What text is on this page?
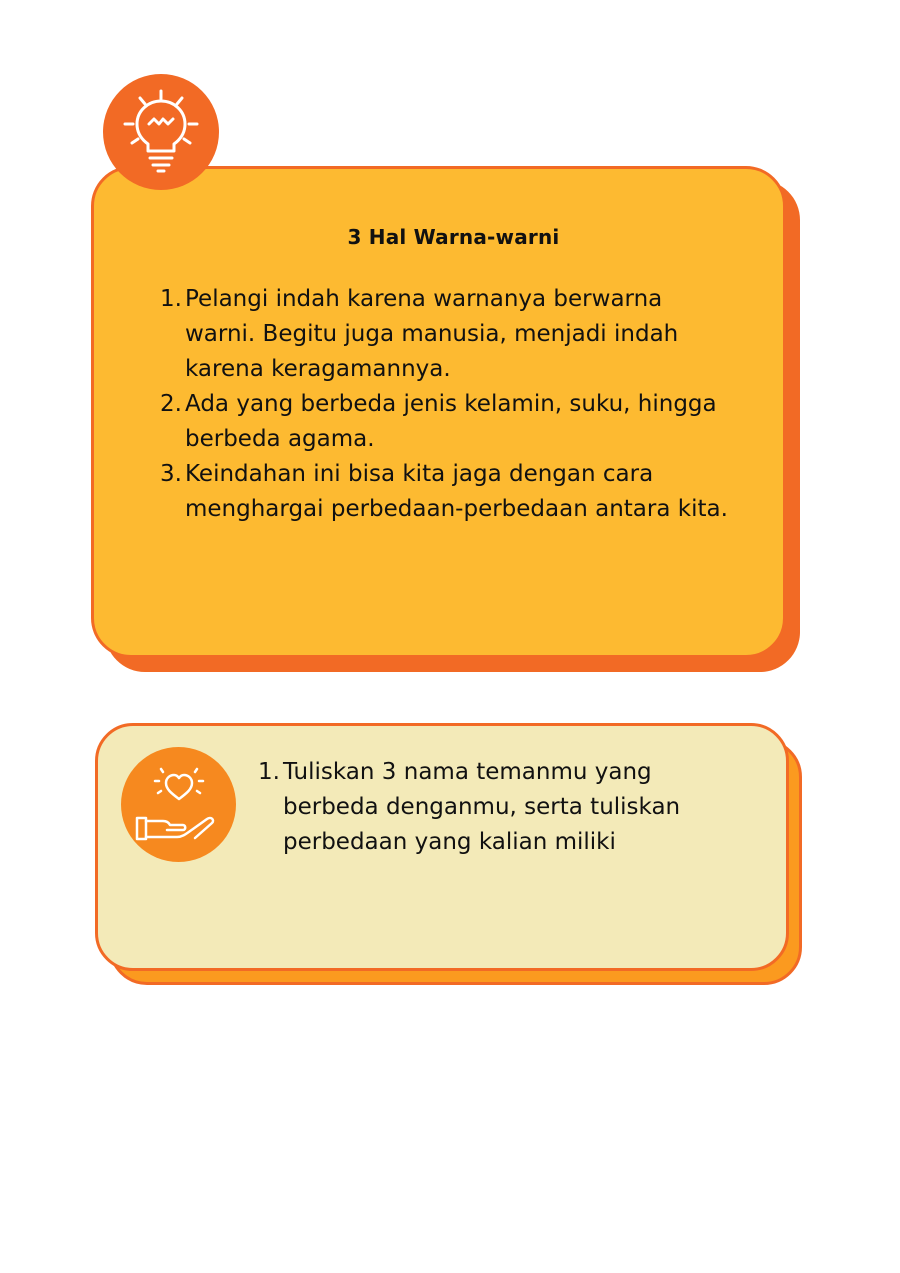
3 Hal Warna-warni
1. Pelangi indah karena warnanya berwarna warni. Begitu juga manusia, menjadi indah karena keragamannya.
2. Ada yang berbeda jenis kelamin, suku, hingga berbeda agama.
3. Keindahan ini bisa kita jaga dengan cara menghargai perbedaan-perbedaan antara kita.
1. Tuliskan 3 nama temanmu yang berbeda denganmu, serta tuliskan perbedaan yang kalian miliki
